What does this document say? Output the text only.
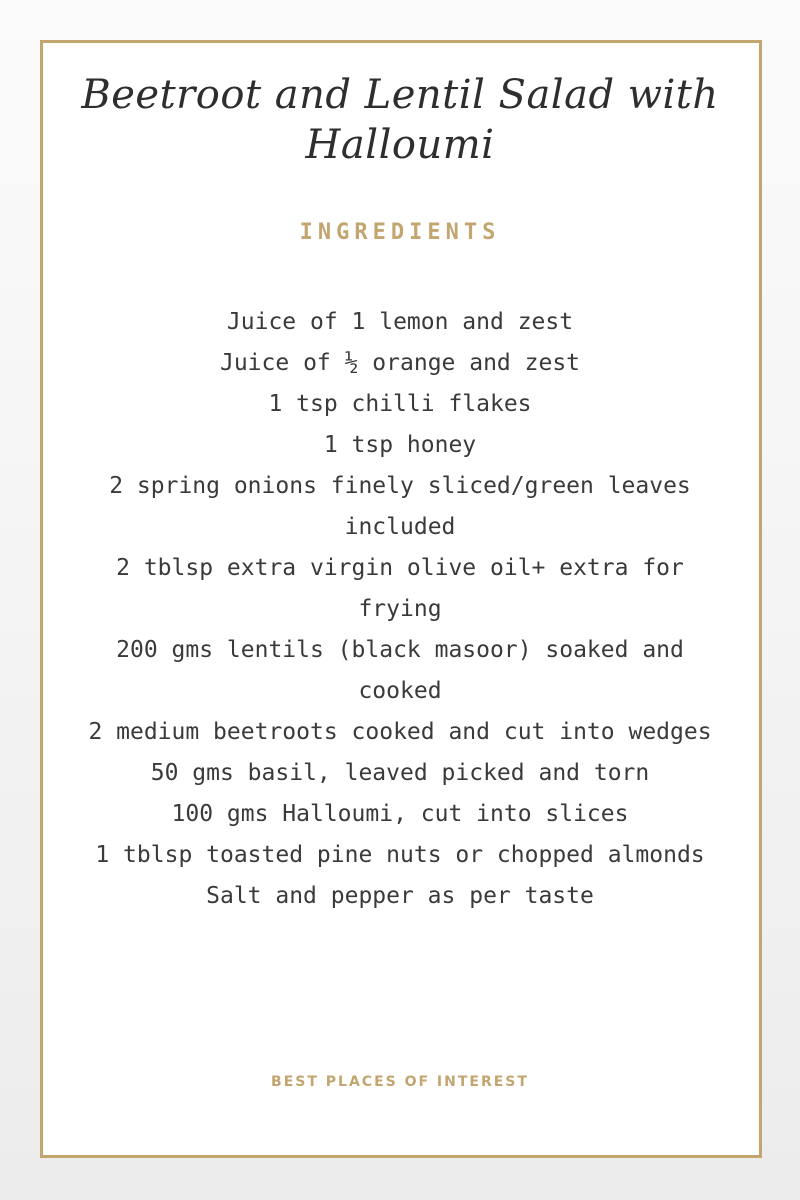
Beetroot and Lentil Salad with
Halloumi
INGREDIENTS
Juice of 1 lemon and zest
Juice of ½ orange and zest
1 tsp chilli flakes
1 tsp honey
2 spring onions finely sliced/green leaves included
2 tblsp extra virgin olive oil+ extra for frying
200 gms lentils (black masoor) soaked and cooked
2 medium beetroots cooked and cut into wedges
50 gms basil, leaved picked and torn
100 gms Halloumi, cut into slices
1 tblsp toasted pine nuts or chopped almonds
Salt and pepper as per taste
BEST PLACES OF INTEREST
